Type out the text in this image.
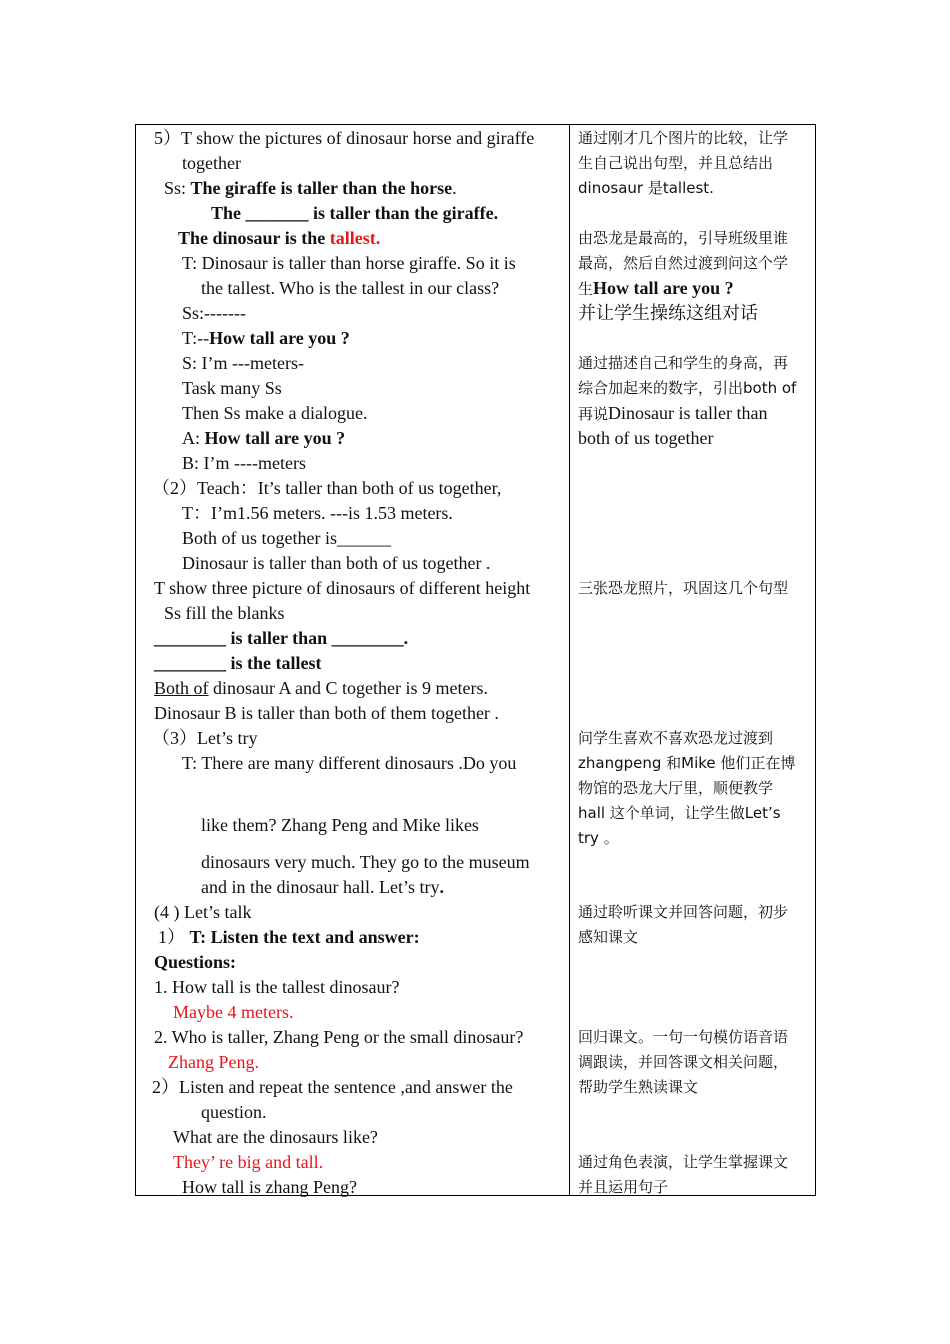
5）T show the pictures of dinosaur horse and giraffe
together
Ss: The giraffe is taller than the horse.
The _______ is taller than the giraffe.
The dinosaur is the tallest.
T: Dinosaur is taller than horse giraffe. So it is
the tallest. Who is the tallest in our class?
Ss:-------
T:--How tall are you ?
S: I’m ---meters-
Task many Ss
Then Ss make a dialogue.
A: How tall are you ?
B: I’m ----meters
（2）Teach：It’s taller than both of us together,
T：I’m1.56 meters. ---is 1.53 meters.
Both of us together is______
Dinosaur is taller than both of us together .
T show three picture of dinosaurs of different height
Ss fill the blanks
________ is taller than ________.
________ is the tallest
Both of dinosaur A and C together is 9 meters.
Dinosaur B is taller than both of them together .
（3）Let’s try
T: There are many different dinosaurs .Do you
like them? Zhang Peng and Mike likes
dinosaurs very much. They go to the museum
and in the dinosaur hall. Let’s try.
(4 ) Let’s talk
1） T: Listen the text and answer:
Questions:
1. How tall is the tallest dinosaur?
Maybe 4 meters.
2. Who is taller, Zhang Peng or the small dinosaur?
Zhang Peng.
2）Listen and repeat the sentence ,and answer the
question.
What are the dinosaurs like?
They’ re big and tall.
How tall is zhang Peng?
通过刚才几个图片的比较，让学
生自己说出句型，并且总结出
dinosaur 是tallest.
由恐龙是最高的，引导班级里谁
最高，然后自然过渡到问这个学
生How tall are you ?
并让学生操练这组对话
通过描述自己和学生的身高，再
综合加起来的数字，引出both of
再说Dinosaur is taller than
both of us together
三张恐龙照片，巩固这几个句型
问学生喜欢不喜欢恐龙过渡到
zhangpeng 和Mike 他们正在博
物馆的恐龙大厅里，顺便教学
hall 这个单词，让学生做Let’s
try 。
通过聆听课文并回答问题，初步
感知课文
回归课文。一句一句模仿语音语
调跟读，并回答课文相关问题，
帮助学生熟读课文
通过角色表演，让学生掌握课文
并且运用句子
